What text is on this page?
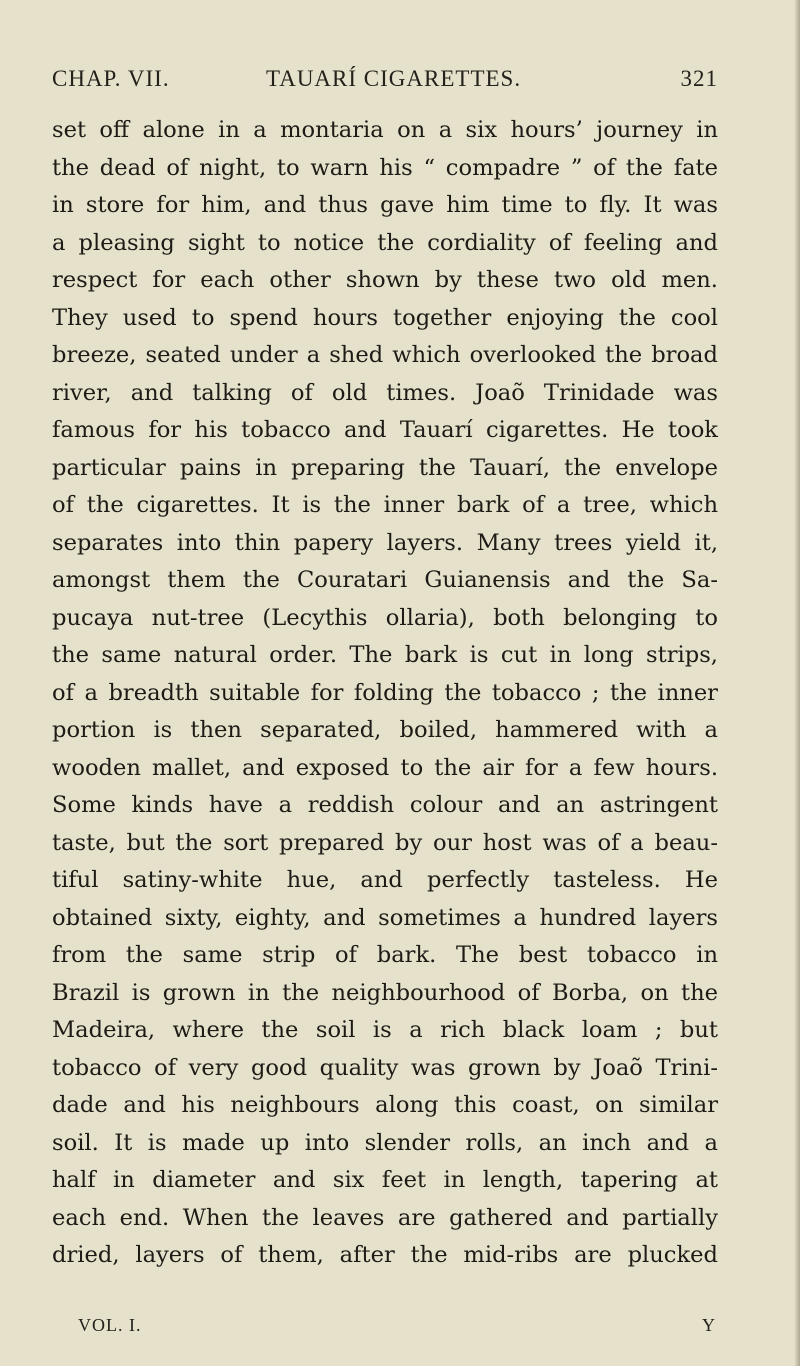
CHAP. VII.	TAUARÍ CIGARETTES.	321
set off alone in a montaria on a six hours’ journey in
the dead of night, to warn his “ compadre ” of the fate
in store for him, and thus gave him time to fly. It was
a pleasing sight to notice the cordiality of feeling and
respect for each other shown by these two old men.
They used to spend hours together enjoying the cool
breeze, seated under a shed which overlooked the broad
river, and talking of old times. Joaõ Trinidade was
famous for his tobacco and Tauarí cigarettes. He took
particular pains in preparing the Tauarí, the envelope
of the cigarettes. It is the inner bark of a tree, which
separates into thin papery layers. Many trees yield it,
amongst them the Couratari Guianensis and the Sa-
pucaya nut-tree (Lecythis ollaria), both belonging to
the same natural order. The bark is cut in long strips,
of a breadth suitable for folding the tobacco ; the inner
portion is then separated, boiled, hammered with a
wooden mallet, and exposed to the air for a few hours.
Some kinds have a reddish colour and an astringent
taste, but the sort prepared by our host was of a beau-
tiful satiny-white hue, and perfectly tasteless. He
obtained sixty, eighty, and sometimes a hundred layers
from the same strip of bark. The best tobacco in
Brazil is grown in the neighbourhood of Borba, on the
Madeira, where the soil is a rich black loam ; but
tobacco of very good quality was grown by Joaõ Trini-
dade and his neighbours along this coast, on similar
soil. It is made up into slender rolls, an inch and a
half in diameter and six feet in length, tapering at
each end. When the leaves are gathered and partially
dried, layers of them, after the mid-ribs are plucked
VOL. I.	Y
